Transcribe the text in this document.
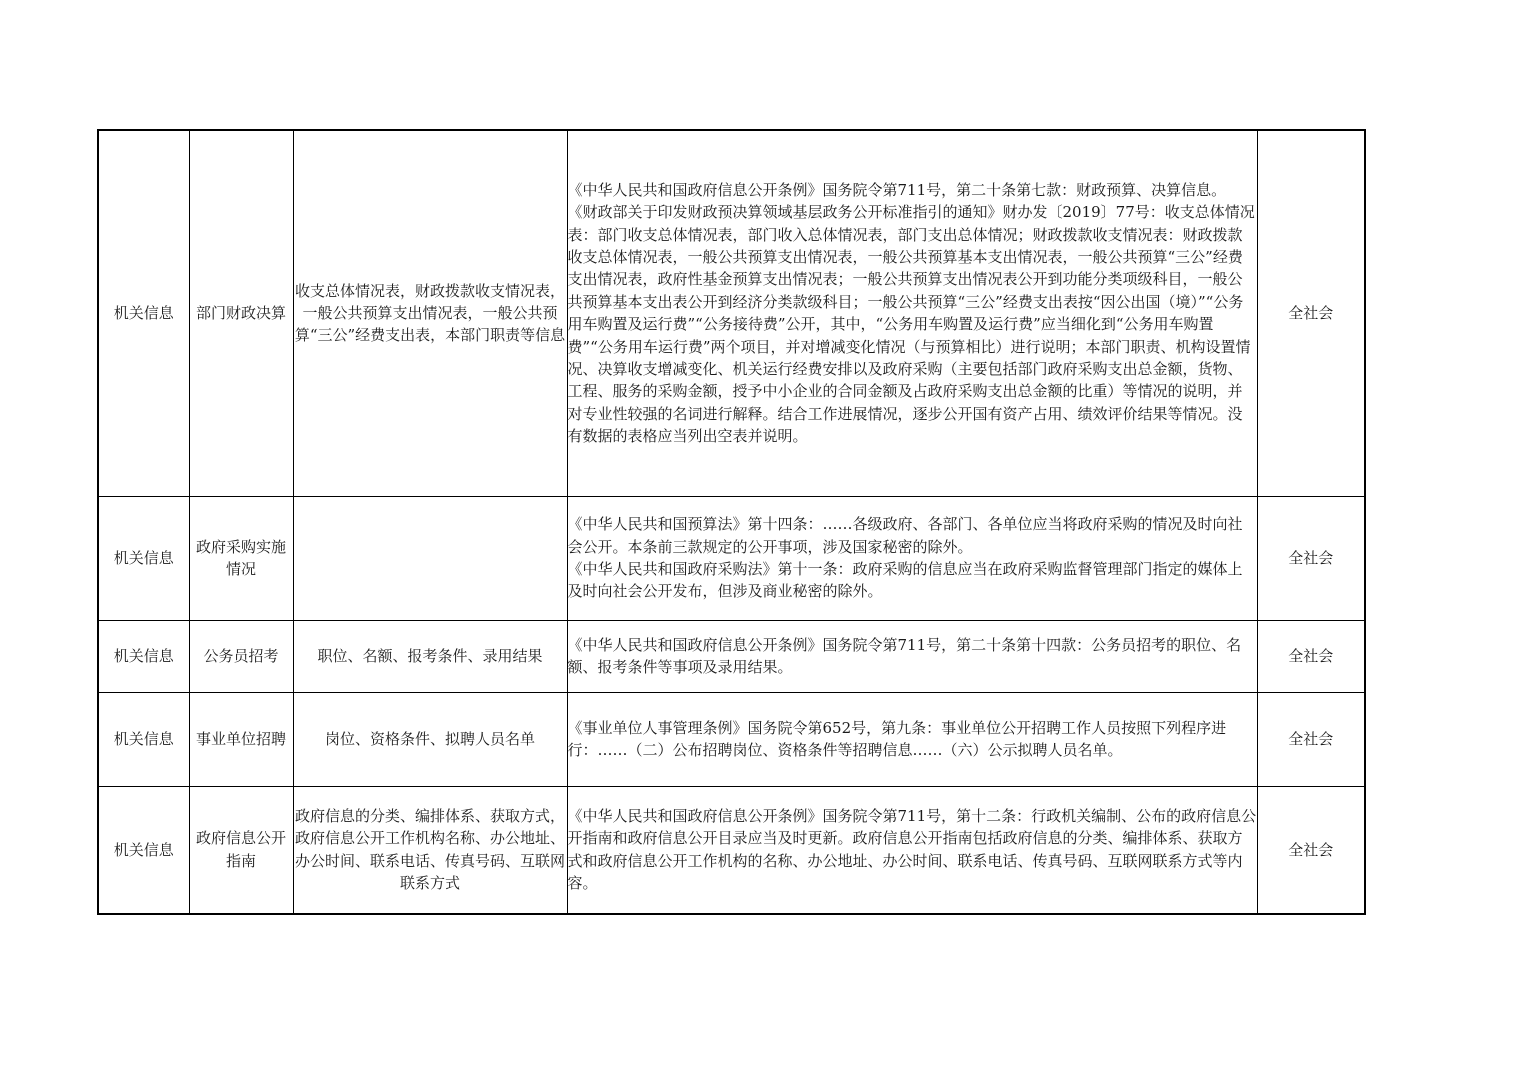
机关信息	部门财政决算	收支总体情况表，财政拨款收支情况表，一般公共预算支出情况表，一般公共预算“三公”经费支出表，本部门职责等信息	《中华人民共和国政府信息公开条例》国务院令第711号，第二十条第七款：财政预算、决算信息。

《财政部关于印发财政预决算领域基层政务公开标准指引的通知》财办发〔2019〕77号：收支总体情况表：部门收支总体情况表，部门收入总体情况表，部门支出总体情况；财政拨款收支情况表：财政拨款收支总体情况表，一般公共预算支出情况表，一般公共预算基本支出情况表，一般公共预算“三公”经费支出情况表，政府性基金预算支出情况表；一般公共预算支出情况表公开到功能分类项级科目，一般公共预算基本支出表公开到经济分类款级科目；一般公共预算“三公”经费支出表按“因公出国（境）”“公务用车购置及运行费”“公务接待费”公开，其中，“公务用车购置及运行费”应当细化到“公务用车购置费”“公务用车运行费”两个项目，并对增减变化情况（与预算相比）进行说明；本部门职责、机构设置情况、决算收支增减变化、机关运行经费安排以及政府采购（主要包括部门政府采购支出总金额，货物、工程、服务的采购金额，授予中小企业的合同金额及占政府采购支出总金额的比重）等情况的说明，并对专业性较强的名词进行解释。结合工作进展情况，逐步公开国有资产占用、绩效评价结果等情况。没有数据的表格应当列出空表并说明。	全社会
机关信息	政府采购实施情况		《中华人民共和国预算法》第十四条：……各级政府、各部门、各单位应当将政府采购的情况及时向社会公开。本条前三款规定的公开事项，涉及国家秘密的除外。

《中华人民共和国政府采购法》第十一条：政府采购的信息应当在政府采购监督管理部门指定的媒体上及时向社会公开发布，但涉及商业秘密的除外。	全社会
机关信息	公务员招考	职位、名额、报考条件、录用结果	《中华人民共和国政府信息公开条例》国务院令第711号，第二十条第十四款：公务员招考的职位、名额、报考条件等事项及录用结果。	全社会
机关信息	事业单位招聘	岗位、资格条件、拟聘人员名单	《事业单位人事管理条例》国务院令第652号，第九条：事业单位公开招聘工作人员按照下列程序进行：……（二）公布招聘岗位、资格条件等招聘信息……（六）公示拟聘人员名单。	全社会
机关信息	政府信息公开指南	政府信息的分类、编排体系、获取方式，政府信息公开工作机构名称、办公地址、办公时间、联系电话、传真号码、互联网联系方式	《中华人民共和国政府信息公开条例》国务院令第711号，第十二条：行政机关编制、公布的政府信息公开指南和政府信息公开目录应当及时更新。政府信息公开指南包括政府信息的分类、编排体系、获取方式和政府信息公开工作机构的名称、办公地址、办公时间、联系电话、传真号码、互联网联系方式等内容。	全社会
